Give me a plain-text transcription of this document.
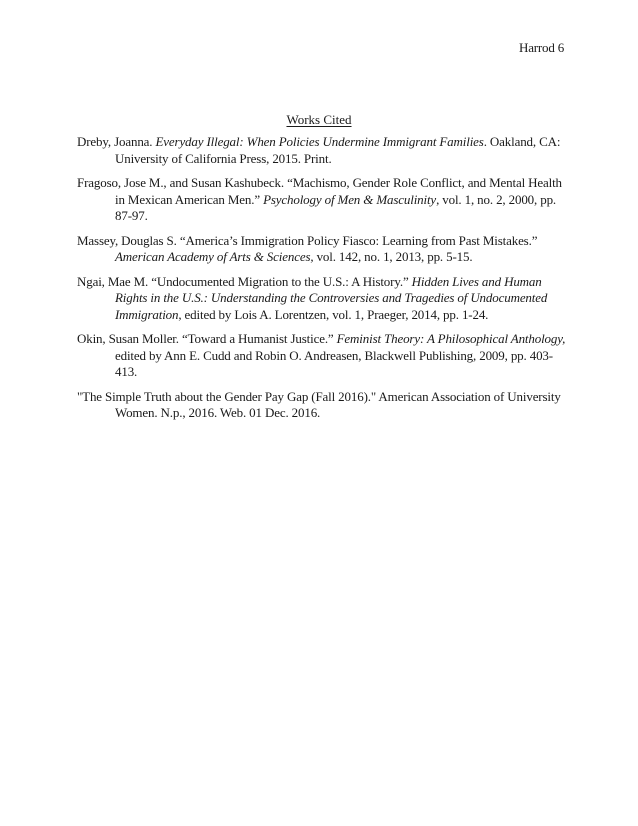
Harrod 6
Works Cited

Dreby, Joanna. Everyday Illegal: When Policies Undermine Immigrant Families. Oakland, CA: University of California Press, 2015. Print.

Fragoso, Jose M., and Susan Kashubeck. “Machismo, Gender Role Conflict, and Mental Health in Mexican American Men.” Psychology of Men & Masculinity, vol. 1, no. 2, 2000, pp. 87-97.

Massey, Douglas S. “America’s Immigration Policy Fiasco: Learning from Past Mistakes.” American Academy of Arts & Sciences, vol. 142, no. 1, 2013, pp. 5-15.

Ngai, Mae M. “Undocumented Migration to the U.S.: A History.” Hidden Lives and Human Rights in the U.S.: Understanding the Controversies and Tragedies of Undocumented Immigration, edited by Lois A. Lorentzen, vol. 1, Praeger, 2014, pp. 1-24.

Okin, Susan Moller. “Toward a Humanist Justice.” Feminist Theory: A Philosophical Anthology, edited by Ann E. Cudd and Robin O. Andreasen, Blackwell Publishing, 2009, pp. 403-413.

"The Simple Truth about the Gender Pay Gap (Fall 2016)." American Association of University Women. N.p., 2016. Web. 01 Dec. 2016.
